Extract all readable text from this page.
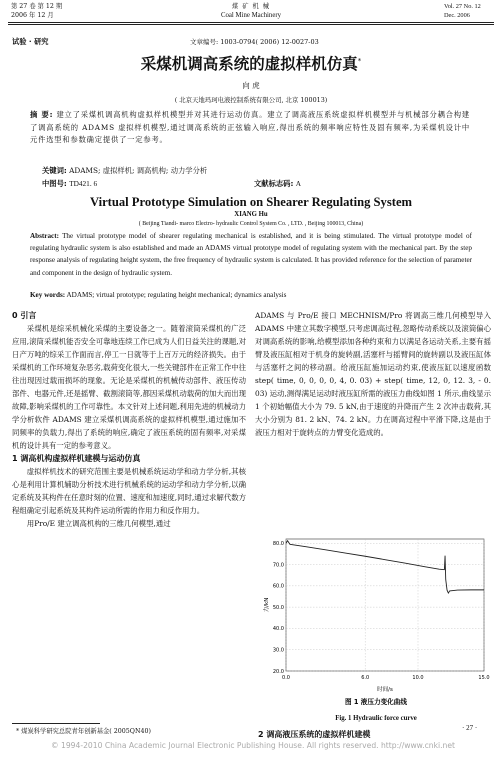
第 27 卷 第 12 期
2006 年 12 月
煤 矿 机 械
Coal Mine Machinery
Vol. 27 No. 12
Dec. 2006
试验 · 研究	文章编号: 1003-0794( 2006) 12-0027-03
采煤机调高系统的虚拟样机仿真*
向 虎
( 北京天地玛珂电液控制系统有限公司, 北京 100013)
摘 要: 建立了采煤机调高机构虚拟样机模型并对其进行运动仿真。建立了调高液压系统虚拟样机模型并与机械部分耦合构建了调高系统的 ADAMS 虚拟样机模型,通过调高系统的正弦输入响应,得出系统的频率响应特性及固有频率,为采煤机设计中元件选型和参数确定提供了一定参考。
关键词: ADAMS; 虚拟样机; 调高机构; 动力学分析
中图号: TD421. 6	文献标志码: A
Virtual Prototype Simulation on Shearer Regulating System
XIANG Hu
( Beijing Tiandi- marco Electro- hydraulic Control System Co. , LTD. , Beijing 100013, China)
Abstract: The virtual prototype model of shearer regulating mechanical is established, and it is being stimulated. The virtual prototype model of regulating hydraulic system is also established and made an ADAMS virtual prototype model of regulating system with the mechanical part. By the step response analysis of regulating height system, the free frequency of hydraulic system is calculated. It has provided reference for the selection of parameter and component in the design of hydraulic system.
Key words: ADAMS; virtual prototype; regulating height mechanical; dynamics analysis

0 引言

采煤机是综采机械化采煤的主要设备之一。随着滚筒采煤机的广泛应用,滚筒采煤机能否安全可靠地连续工作已成为人们日益关注的课题,对日产万吨的综采工作面而言,停工一日就等于上百万元的经济损失。由于采煤机的工作环境复杂恶劣,载荷变化很大,一些关键部件在正常工作中往往出现因过载而损坏的现象。无论是采煤机的机械传动部件、液压传动部件、电器元件,还是摇臂、截割滚筒等,都因采煤机动载荷的加大而出现故障,影响采煤机的工作可靠性。本文针对上述问题,利用先进的机械动力学分析软件 ADAMS 建立采煤机调高系统的虚拟样机模型,通过施加不同频率的负载力,得出了系统的响应,确定了液压系统的固有频率,对采煤机的设计具有一定的参考意义。

1 调高机构虚拟样机建模与运动仿真

虚拟样机技术的研究范围主要是机械系统运动学和动力学分析,其核心是利用计算机辅助分析技术进行机械系统的运动学和动力学分析,以确定系统及其构件在任意时刻的位置、速度和加速度,同时,通过求解代数方程组确定引起系统及其构件运动所需的作用力和反作用力。

用Pro/E 建立调高机构的三维几何模型,通过

* 煤炭科学研究总院青年创新基金( 2005QN40)

ADAMS 与 Pro/E 接口 MECHNISM/Pro 将调高三维几何模型导入 ADAMS 中建立其数字模型,只考虑调高过程,忽略传动系统以及滚筒偏心对调高系统的影响,给模型添加各种约束和力以满足各运动关系,主要有摇臂及液压缸相对于机身的旋转副,活塞杆与摇臂间的旋转副以及液压缸体与活塞杆之间的移动副。给液压缸施加运动约束,使液压缸以速度函数 step( time, 0, 0, 0, 0, 4, 0. 03) + step( time, 12, 0, 12. 3, - 0. 03) 运动,测得满足运动时液压缸所需的液压力曲线如图 1 所示,曲线显示 1 个初始幅值大小为 79. 5 kN,由于速度的升降而产生 2 次冲击载荷,其大小分别为 81. 2 kN、74. 2 kN。力在调高过程中平滑下降,这是由于液压力相对于旋转点的力臂变化造成的。

80.0
70.0
60.0
50.0
40.0
30.0
20.0
0.0	6.0	10.0	15.0
力/kN
时间/s
图 1 液压力变化曲线
Fig. 1 Hydraulic force curve
2 调高液压系统的虚拟样机建模
· 27 ·
© 1994-2010 China Academic Journal Electronic Publishing House. All rights reserved. http://www.cnki.net
